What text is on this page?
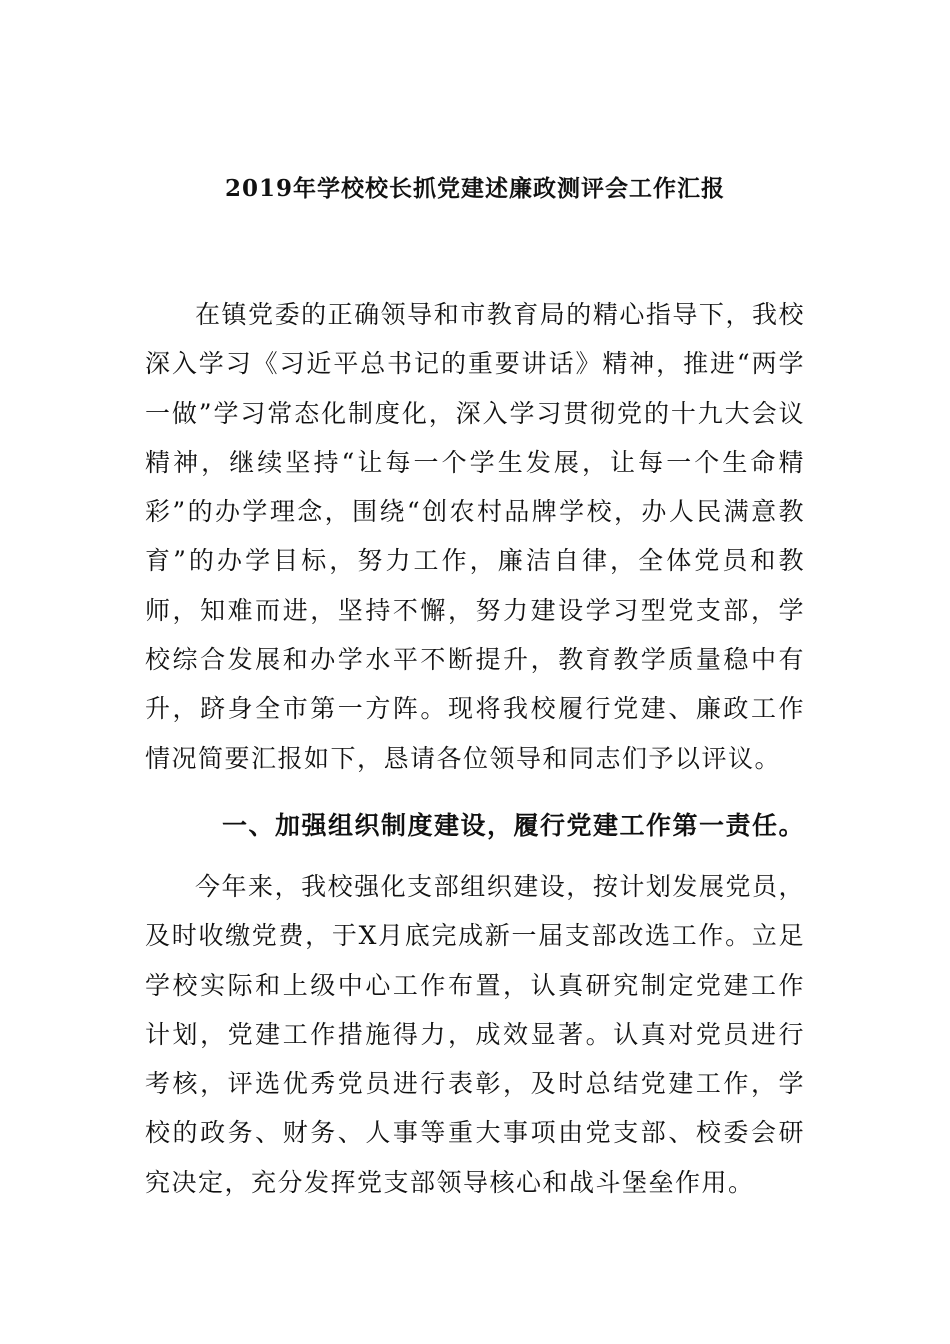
2019年学校校长抓党建述廉政测评会工作汇报

在镇党委的正确领导和市教育局的精心指导下，我校深入学习《习近平总书记的重要讲话》精神，推进“两学一做”学习常态化制度化，深入学习贯彻党的十九大会议精神，继续坚持“让每一个学生发展，让每一个生命精彩”的办学理念，围绕“创农村品牌学校，办人民满意教育”的办学目标，努力工作，廉洁自律，全体党员和教师，知难而进，坚持不懈，努力建设学习型党支部，学校综合发展和办学水平不断提升，教育教学质量稳中有升，跻身全市第一方阵。现将我校履行党建、廉政工作情况简要汇报如下，恳请各位领导和同志们予以评议。

一、加强组织制度建设，履行党建工作第一责任。

今年来，我校强化支部组织建设，按计划发展党员，及时收缴党费，于X月底完成新一届支部改选工作。立足学校实际和上级中心工作布置，认真研究制定党建工作计划，党建工作措施得力，成效显著。认真对党员进行考核，评选优秀党员进行表彰，及时总结党建工作，学校的政务、财务、人事等重大事项由党支部、校委会研究决定，充分发挥党支部领导核心和战斗堡垒作用。
